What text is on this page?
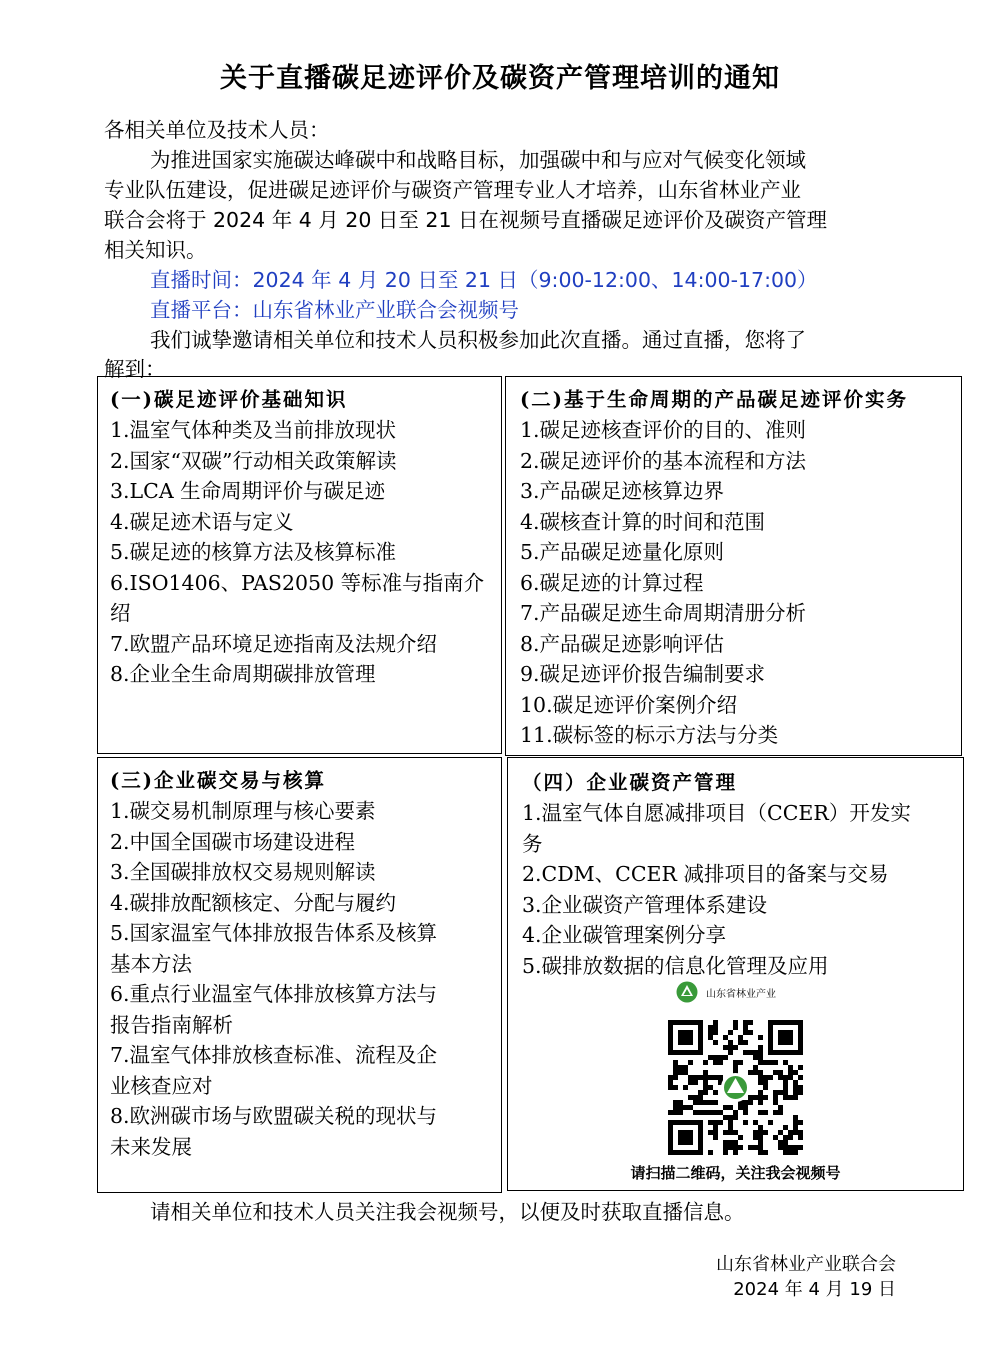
关于直播碳足迹评价及碳资产管理培训的通知
各相关单位及技术人员：
为推进国家实施碳达峰碳中和战略目标，加强碳中和与应对气候变化领域
专业队伍建设，促进碳足迹评价与碳资产管理专业人才培养，山东省林业产业
联合会将于 2024 年 4 月 20 日至 21 日在视频号直播碳足迹评价及碳资产管理
相关知识。
直播时间：2024 年 4 月 20 日至 21 日（9:00-12:00、14:00-17:00）
直播平台：山东省林业产业联合会视频号
我们诚挚邀请相关单位和技术人员积极参加此次直播。通过直播，您将了
解到：
(一)碳足迹评价基础知识
1.温室气体种类及当前排放现状
2.国家“双碳”行动相关政策解读
3.LCA 生命周期评价与碳足迹
4.碳足迹术语与定义
5.碳足迹的核算方法及核算标准
6.ISO1406、PAS2050 等标准与指南介
绍
7.欧盟产品环境足迹指南及法规介绍
8.企业全生命周期碳排放管理
(二)基于生命周期的产品碳足迹评价实务
1.碳足迹核查评价的目的、准则
2.碳足迹评价的基本流程和方法
3.产品碳足迹核算边界
4.碳核查计算的时间和范围
5.产品碳足迹量化原则
6.碳足迹的计算过程
7.产品碳足迹生命周期清册分析
8.产品碳足迹影响评估
9.碳足迹评价报告编制要求
10.碳足迹评价案例介绍
11.碳标签的标示方法与分类
(三)企业碳交易与核算
1.碳交易机制原理与核心要素
2.中国全国碳市场建设进程
3.全国碳排放权交易规则解读
4.碳排放配额核定、分配与履约
5.国家温室气体排放报告体系及核算
基本方法
6.重点行业温室气体排放核算方法与
报告指南解析
7.温室气体排放核查标准、流程及企
业核查应对
8.欧洲碳市场与欧盟碳关税的现状与
未来发展
（四）企业碳资产管理
1.温室气体自愿减排项目（CCER）开发实
务
2.CDM、CCER 减排项目的备案与交易
3.企业碳资产管理体系建设
4.企业碳管理案例分享
5.碳排放数据的信息化管理及应用
山东省林业产业
请扫描二维码，关注我会视频号
请相关单位和技术人员关注我会视频号，以便及时获取直播信息。
山东省林业产业联合会
2024 年 4 月 19 日
